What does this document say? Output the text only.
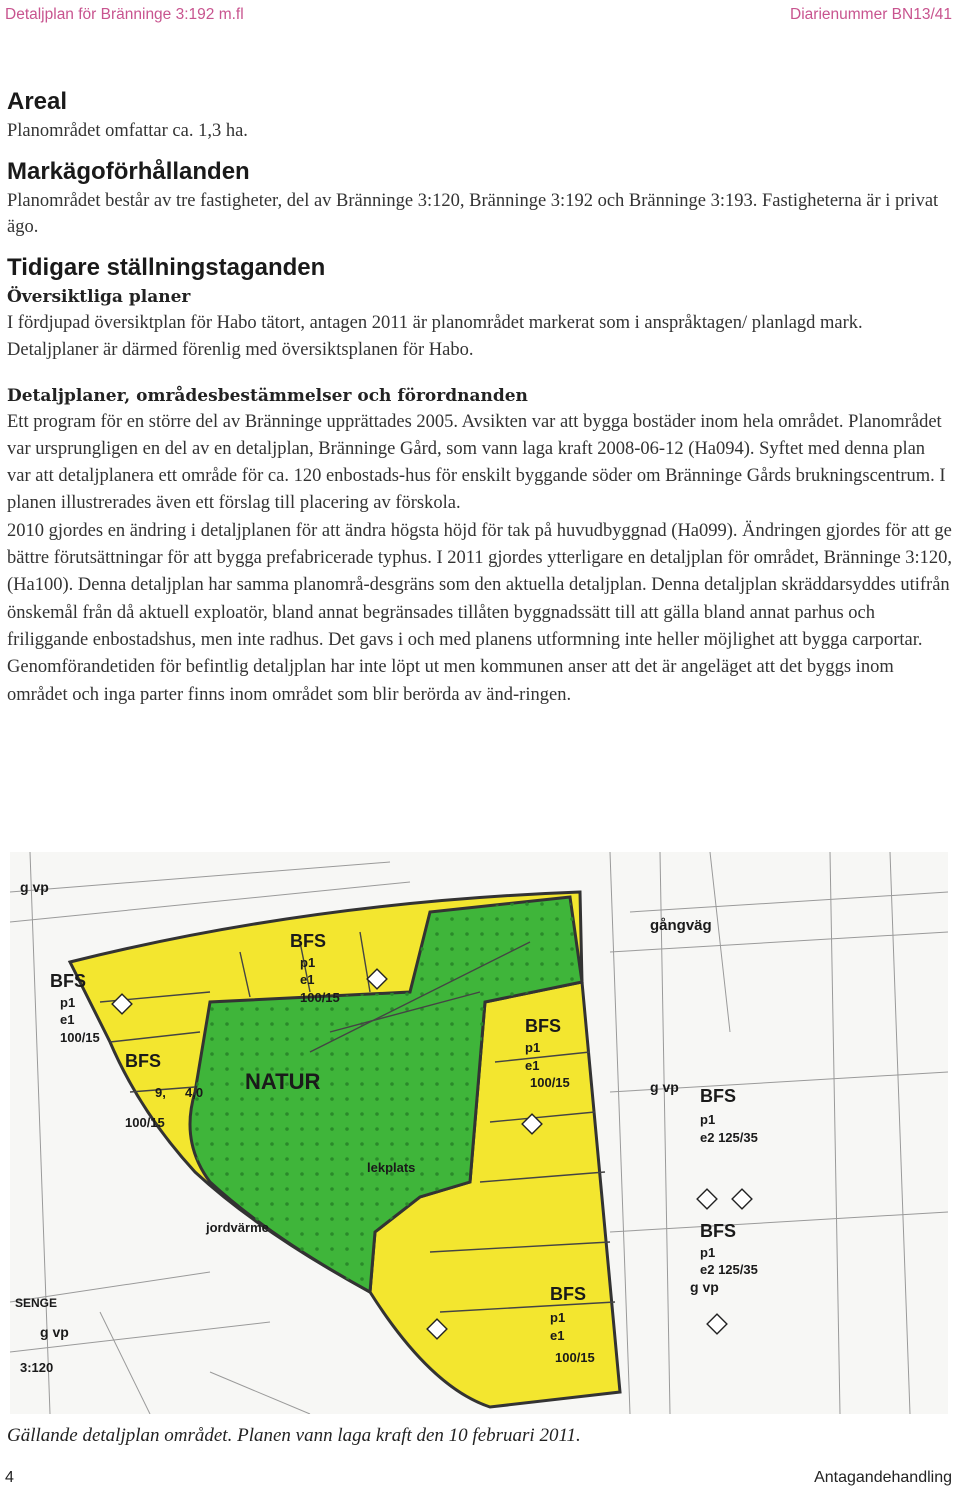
Detaljplan för Bränninge 3:192 m.fl	Diarienummer BN13/41
Areal

Planområdet omfattar ca. 1,3 ha.

Markägoförhållanden

Planområdet består av tre fastigheter, del av Bränninge 3:120, Bränninge 3:192 och Bränninge 3:193. Fastigheterna är i privat ägo.

Tidigare ställningstaganden
Översiktliga planer

I fördjupad översiktplan för Habo tätort, antagen 2011 är planområdet markerat som i anspråktagen/ planlagd mark. Detaljplaner är därmed förenlig med översiktsplanen för Habo.

Detaljplaner, områdesbestämmelser och förordnanden

Ett program för en större del av Bränninge upprättades 2005. Avsikten var att bygga bostäder inom hela området. Planområdet var ursprungligen en del av en detaljplan, Bränninge Gård, som vann laga kraft 2008-06-12 (Ha094). Syftet med denna plan var att detaljplanera ett område för ca. 120 enbostads-hus för enskilt byggande söder om Bränninge Gårds brukningscentrum. I planen illustrerades även ett förslag till placering av förskola.

2010 gjordes en ändring i detaljplanen för att ändra högsta höjd för tak på huvudbyggnad (Ha099). Ändringen gjordes för att ge bättre förutsättningar för att bygga prefabricerade typhus. I 2011 gjordes ytterligare en detaljplan för området, Bränninge 3:120, (Ha100). Denna detaljplan har samma planområ-desgräns som den aktuella detaljplan. Denna detaljplan skräddarsyddes utifrån önskemål från då aktuell exploatör, bland annat begränsades tillåten byggnadssätt till att gälla bland annat parhus och friliggande enbostadshus, men inte radhus. Det gavs i och med planens utformning inte heller möjlighet att bygga carportar. Genomförandetiden för befintlig detaljplan har inte löpt ut men kommunen anser att det är angeläget att det byggs inom området och inga parter finns inom området som blir berörda av änd-ringen.

NATUR
lekplats
jordvärme
gångväg
g vp
g vp
g vp
g vp
BFS
BFS
BFS
BFS
BFS
BFS
BFS
p1
p1
p1
p1
p1
p1
e1
e1
e1
e1
e2 125/35
e2 125/35
100/15
100/15
100/15
100/15
100/15
9, 4,0
3:120
SENGE
Gällande detaljplan området. Planen vann laga kraft den 10 februari 2011.
4	Antagandehandling
